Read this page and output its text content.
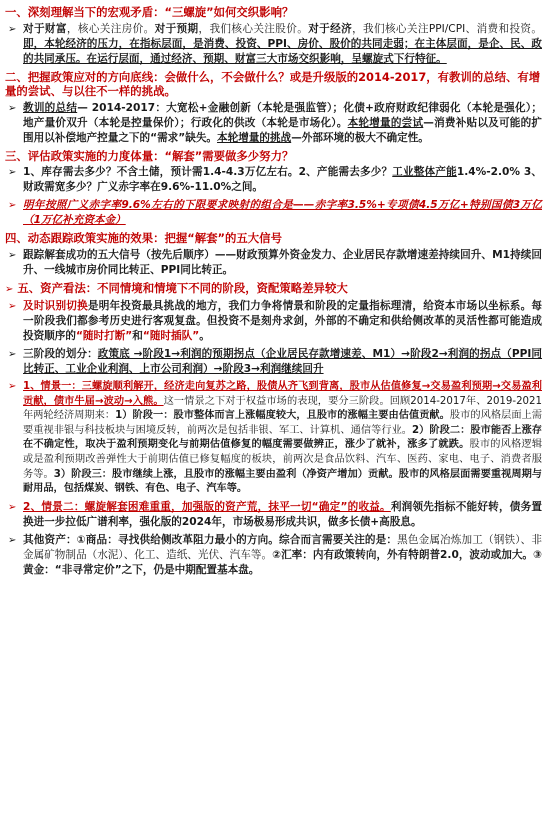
一、深刻理解当下的宏观矛盾：“三螺旋”如何交织影响？
➢ 对于财富，核心关注房价。对于预期，我们核心关注股价。对于经济，我们核心关注PPI/CPI、消费和投资。即，本轮经济的压力，在指标层面，是消费、投资、PPI、房价、股价的共同走弱；在主体层面，是企、民、政的共同承压。在运行层面，通过经济、预期、财富三大市场交织影响，呈螺旋式下行特征。
二、把握政策应对的方向底线：会做什么，不会做什么？或是升级版的2014-2017，有教训的总结、有增量的尝试、与以往不一样的挑战。
➢ 教训的总结— 2014-2017：大宽松+金融创新（本轮是强监管）；化债+政府财政纪律弱化（本轮是强化）；地产量价双升（本轮是控量保价）；行政化的供改（本轮是市场化）。本轮增量的尝试—消费补贴以及可能的扩围用以补偿地产控量之下的“需求”缺失。本轮增量的挑战—外部环境的极大不确定性。
三、评估政策实施的力度体量：“解套”需要做多少努力？
➢ 1、库存需去多少？不含土储，预计需1.4-4.3万亿左右。2、产能需去多少？工业整体产能1.4%-2.0% 3、财政需宽多少？广义赤字率在9.6%-11.0%之间。
➢ 明年按照广义赤字率9.6%左右的下限要求映射的组合是——赤字率3.5%+专项债4.5万亿+特别国债3万亿（1万亿补充资本金）
四、动态跟踪政策实施的效果：把握“解套”的五大信号
➢ 跟踪解套成功的五大信号（按先后顺序）——财政预算外资金发力、企业居民存款增速差持续回升、M1持续回升、一线城市房价同比转正、PPI同比转正。
➢ 五、资产看法：不同情境和情境下不同的阶段，资配策略差异较大
➢ 及时识别切换是明年投资最具挑战的地方，我们力争将情景和阶段的定量指标理清，给资本市场以坐标系。每一阶段我们都参考历史进行客观复盘。但投资不是刻舟求剑，外部的不确定和供给侧改革的灵活性都可能造成投资顺序的“随时打断”和“随时插队”。
➢ 三阶段的划分：政策底 →阶段1→利润的预期拐点（企业居民存款增速差、M1）→阶段2→利润的拐点（PPI同比转正、工业企业利润、上市公司利润）→阶段3→利润继续回升
➢ 1、情景一：三螺旋顺利解开，经济走向复苏之路，股债从齐飞到背离，股市从估值修复→交易盈利预期→交易盈利贡献，债市牛届→波动→入熊。这一情景之下对于权益市场的表现，要分三阶段。回顾2014-2017年、2019-2021年两轮经济周期来：1）阶段一：股市整体而言上涨幅度较大，且股市的涨幅主要由估值贡献。股市的风格层面上需要重视非银与科技板块与困境反转，前两次是包括非银、军工、计算机、通信等行业。2）阶段二：股市能否上涨存在不确定性，取决于盈利预期变化与前期估值修复的幅度需要做辨正，涨少了就补，涨多了就跌。股市的风格逻辑或是盈利预期改善弹性大于前期估值已修复幅度的板块，前两次是食品饮料、汽车、医药、家电、电子、消费者服务等。3）阶段三：股市继续上涨，且股市的涨幅主要由盈利（净资产增加）贡献。股市的风格层面需要重视周期与耐用品，包括煤炭、钢铁、有色、电子、汽车等。
➢ 2、情景二：螺旋解套困难重重，加强版的资产荒，抹平一切“确定”的收益。利润领先指标不能好转，债务置换进一步拉低广谱利率，强化版的2024年，市场极易形成共识，做多长债+高股息。
➢ 其他资产：①商品：寻找供给侧改革阻力最小的方向。综合而言需要关注的是：黑色金属冶炼加工（钢铁）、非金属矿物制品（水泥）、化工、造纸、光伏、汽车等。②汇率：内有政策转向，外有特朗普2.0，波动或加大。③黄金：“非寻常定价”之下，仍是中期配置基本盘。
